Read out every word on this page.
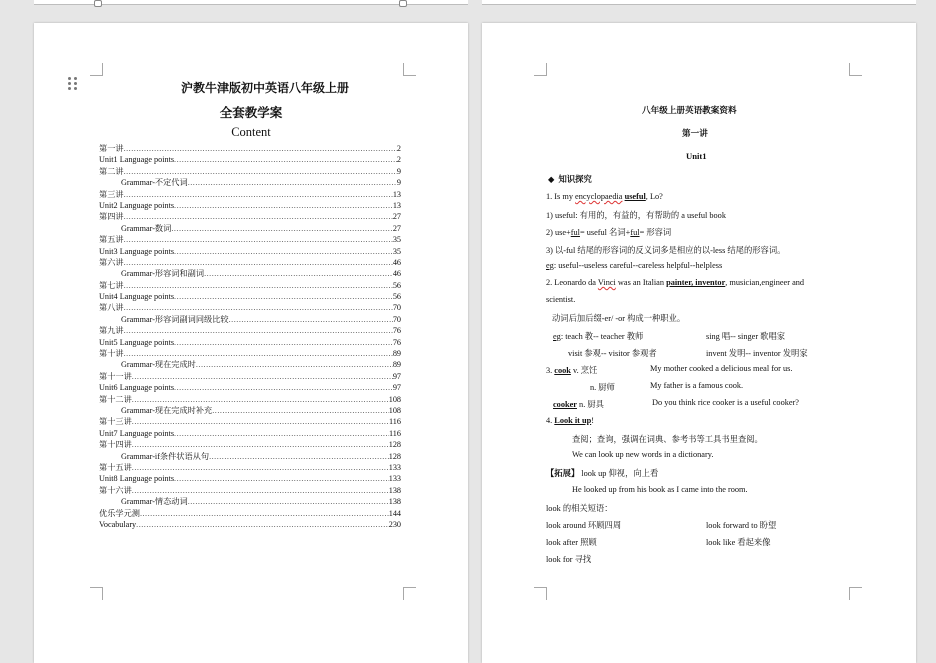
沪教牛津版初中英语八年级上册
全套教学案
Content
第一讲 .....	2
Unit1 Language points .....	2
第二讲 .....	9
Grammar-不定代词 .....	9
第三讲 .....	13
Unit2 Language points .....	13
第四讲 .....	27
Grammar-数词 .....	27
第五讲 .....	35
Unit3 Language points .....	35
第六讲 .....	46
Grammar-形容词和副词 .....	46
第七讲 .....	56
Unit4 Language points .....	56
第八讲 .....	70
Grammar-形容词副词同级比较 .....	70
第九讲 .....	76
Unit5 Language points .....	76
第十讲 .....	89
Grammar-现在完成时 .....	89
第十一讲 .....	97
Unit6 Language points .....	97
第十二讲 .....	108
Grammar-现在完成时补充 .....	108
第十三讲 .....	116
Unit7 Language points .....	116
第十四讲 .....	128
Grammar-if条件状语从句 .....	128
第十五讲 .....	133
Unit8 Language points .....	133
第十六讲 .....	138
Grammar-情态动词 .....	138
优乐学元测 .....	144
Vocabulary .....	230
八年级上册英语教案资料
第一讲
Unit1
◆ 知识探究
1. Is my encyclopaedia useful, Lo?
1) useful: 有用的，有益的，有帮助的 a useful book
2) use+ful= useful 名词+ful= 形容词
3) 以-ful 结尾的形容词的反义词多是相应的以-less 结尾的形容词。
eg: useful--useless careful--careless helpful--helpless
2. Leonardo da Vinci was an Italian painter, inventor, musician,engineer and
scientist.
动词后加后缀-er/ -or 构成一种职业。
eg: teach 教-- teacher 教师	sing 唱-- singer 歌唱家
visit 参观-- visitor 参观者	invent 发明-- inventor 发明家
3. cook v. 烹饪	My mother cooked a delicious meal for us.
n. 厨师	My father is a famous cook.
cooker n. 厨具	Do you think rice cooker is a useful cooker?
4. Look it up!
查阅；查询，强调在词典、参考书等工具书里查阅。
We can look up new words in a dictionary.
【拓展】 look up 仰视，向上看
He looked up from his book as I came into the room.
look 的相关短语：
look around 环顾四周	look forward to 盼望
look after 照顾	look like 看起来像
look for 寻找
